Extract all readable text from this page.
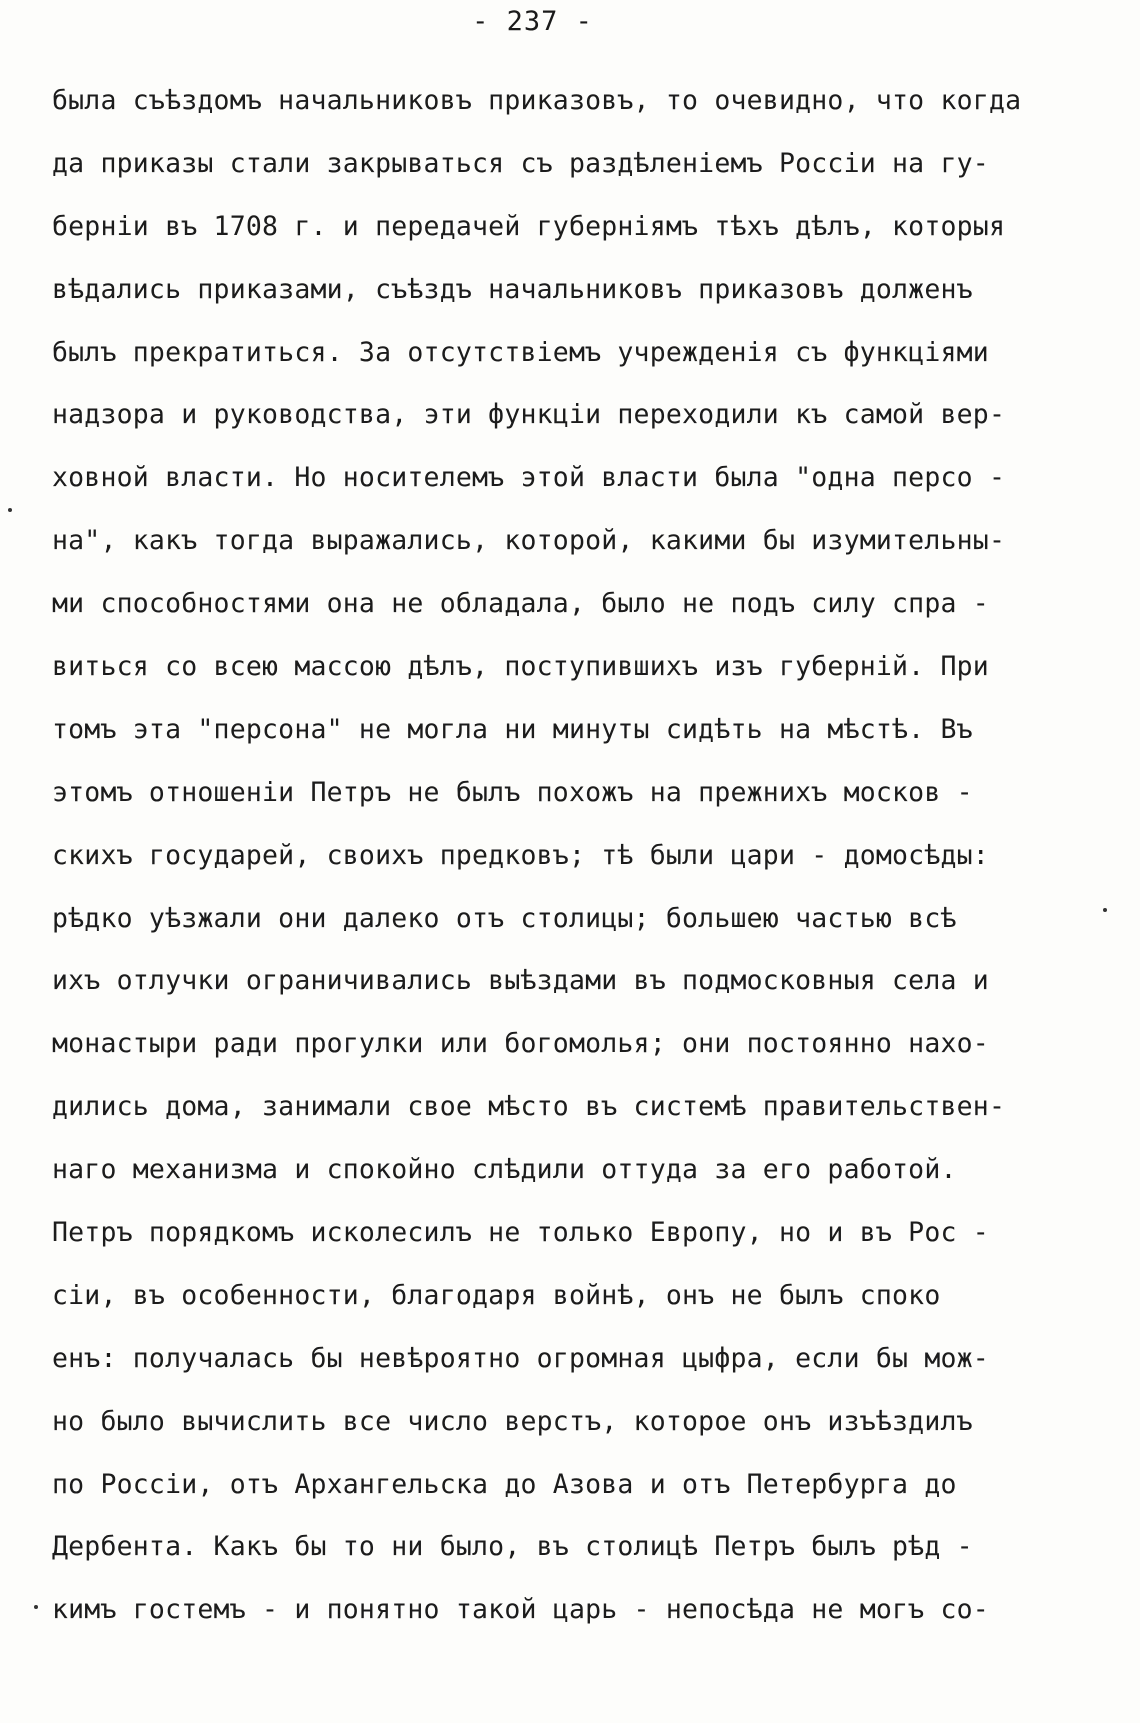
- 237 -
была съѣздомъ начальниковъ приказовъ, то очевидно, что когда
да приказы стали закрываться съ раздѣленіемъ Россіи на гу-
берніи въ 1708 г. и передачей губерніямъ тѣхъ дѣлъ, которыя
вѣдались приказами, съѣздъ начальниковъ приказовъ долженъ
былъ прекратиться. За отсутствіемъ учрежденія съ функціями
надзора и руководства, эти функціи переходили къ самой вер-
ховной власти. Но носителемъ этой власти была "одна персо -
на", какъ тогда выражались, которой, какими бы изумительны-
ми способностями она не обладала, было не подъ силу спра -
виться со всею массою дѣлъ, поступившихъ изъ губерній. При
томъ эта "персона" не могла ни минуты сидѣть на мѣстѣ. Въ
этомъ отношеніи Петръ не былъ похожъ на прежнихъ москов -
скихъ государей, своихъ предковъ; тѣ были цари - домосѣды:
рѣдко уѣзжали они далеко отъ столицы; большею частью всѣ
ихъ отлучки ограничивались выѣздами въ подмосковныя села и
монастыри ради прогулки или богомолья; они постоянно нахо-
дились дома, занимали свое мѣсто въ системѣ правительствен-
наго механизма и спокойно слѣдили оттуда за его работой.
Петръ порядкомъ исколесилъ не только Европу, но и въ Рос -
сіи, въ особенности, благодаря войнѣ, онъ не былъ споко
енъ: получалась бы невѣроятно огромная цыфра, если бы мож-
но было вычислить все число верстъ, которое онъ изъѣздилъ
по Россіи, отъ Архангельска до Азова и отъ Петербурга до
Дербента. Какъ бы то ни было, въ столицѣ Петръ былъ рѣд -
кимъ гостемъ - и понятно такой царь - непосѣда не могъ со-
